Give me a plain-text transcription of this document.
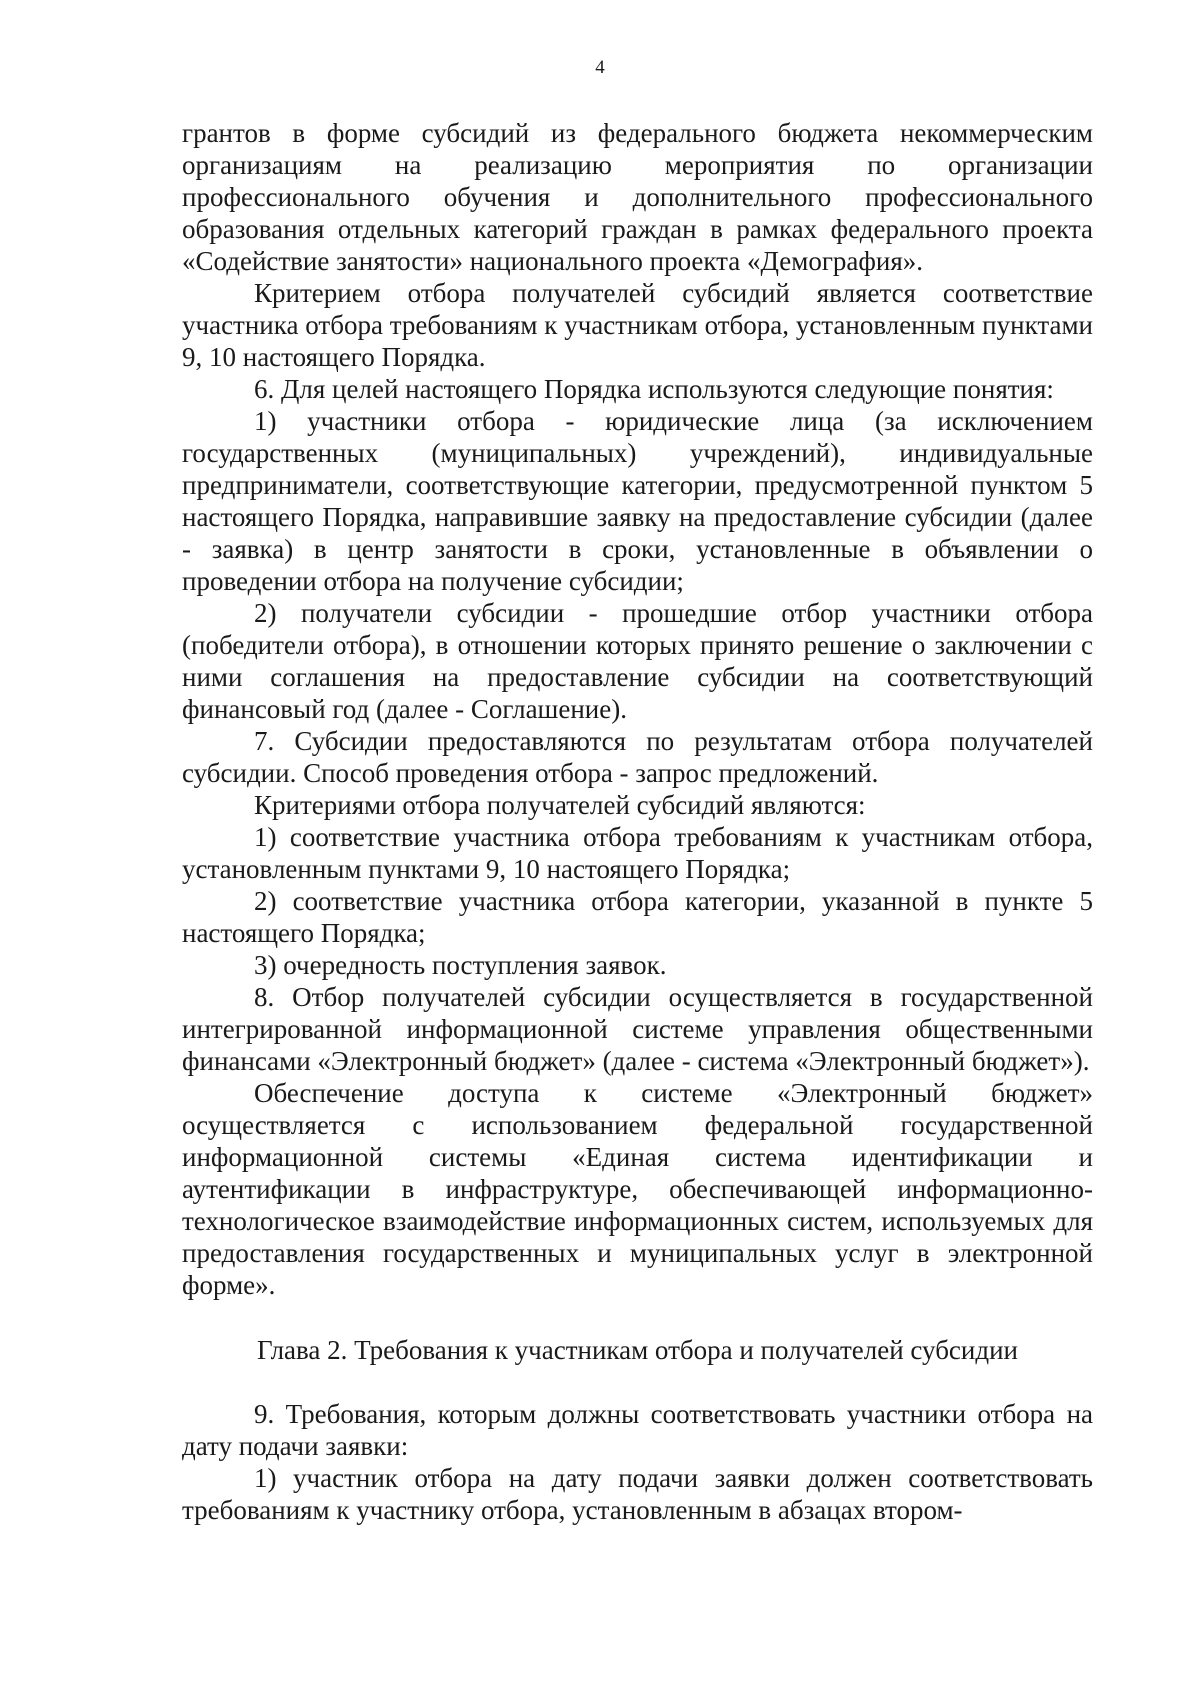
4

грантов в форме субсидий из федерального бюджета некоммерческим организациям на реализацию мероприятия по организации профессионального обучения и дополнительного профессионального образования отдельных категорий граждан в рамках федерального проекта «Содействие занятости» национального проекта «Демография».

Критерием отбора получателей субсидий является соответствие участника отбора требованиям к участникам отбора, установленным пунктами 9, 10 настоящего Порядка.

6. Для целей настоящего Порядка используются следующие понятия:

1) участники отбора - юридические лица (за исключением государственных (муниципальных) учреждений), индивидуальные предприниматели, соответствующие категории, предусмотренной пунктом 5 настоящего Порядка, направившие заявку на предоставление субсидии (далее - заявка) в центр занятости в сроки, установленные в объявлении о проведении отбора на получение субсидии;

2) получатели субсидии - прошедшие отбор участники отбора (победители отбора), в отношении которых принято решение о заключении с ними соглашения на предоставление субсидии на соответствующий финансовый год (далее - Соглашение).

7. Субсидии предоставляются по результатам отбора получателей субсидии. Способ проведения отбора - запрос предложений.

Критериями отбора получателей субсидий являются:

1) соответствие участника отбора требованиям к участникам отбора, установленным пунктами 9, 10 настоящего Порядка;

2) соответствие участника отбора категории, указанной в пункте 5 настоящего Порядка;

3) очередность поступления заявок.

8. Отбор получателей субсидии осуществляется в государственной интегрированной информационной системе управления общественными финансами «Электронный бюджет» (далее - система «Электронный бюджет»).

Обеспечение доступа к системе «Электронный бюджет» осуществляется с использованием федеральной государственной информационной системы «Единая система идентификации и аутентификации в инфраструктуре, обеспечивающей информационно-технологическое взаимодействие информационных систем, используемых для предоставления государственных и муниципальных услуг в электронной форме».

Глава 2. Требования к участникам отбора и получателей субсидии

9. Требования, которым должны соответствовать участники отбора на дату подачи заявки:

1) участник отбора на дату подачи заявки должен соответствовать требованиям к участнику отбора, установленным в абзацах втором-
